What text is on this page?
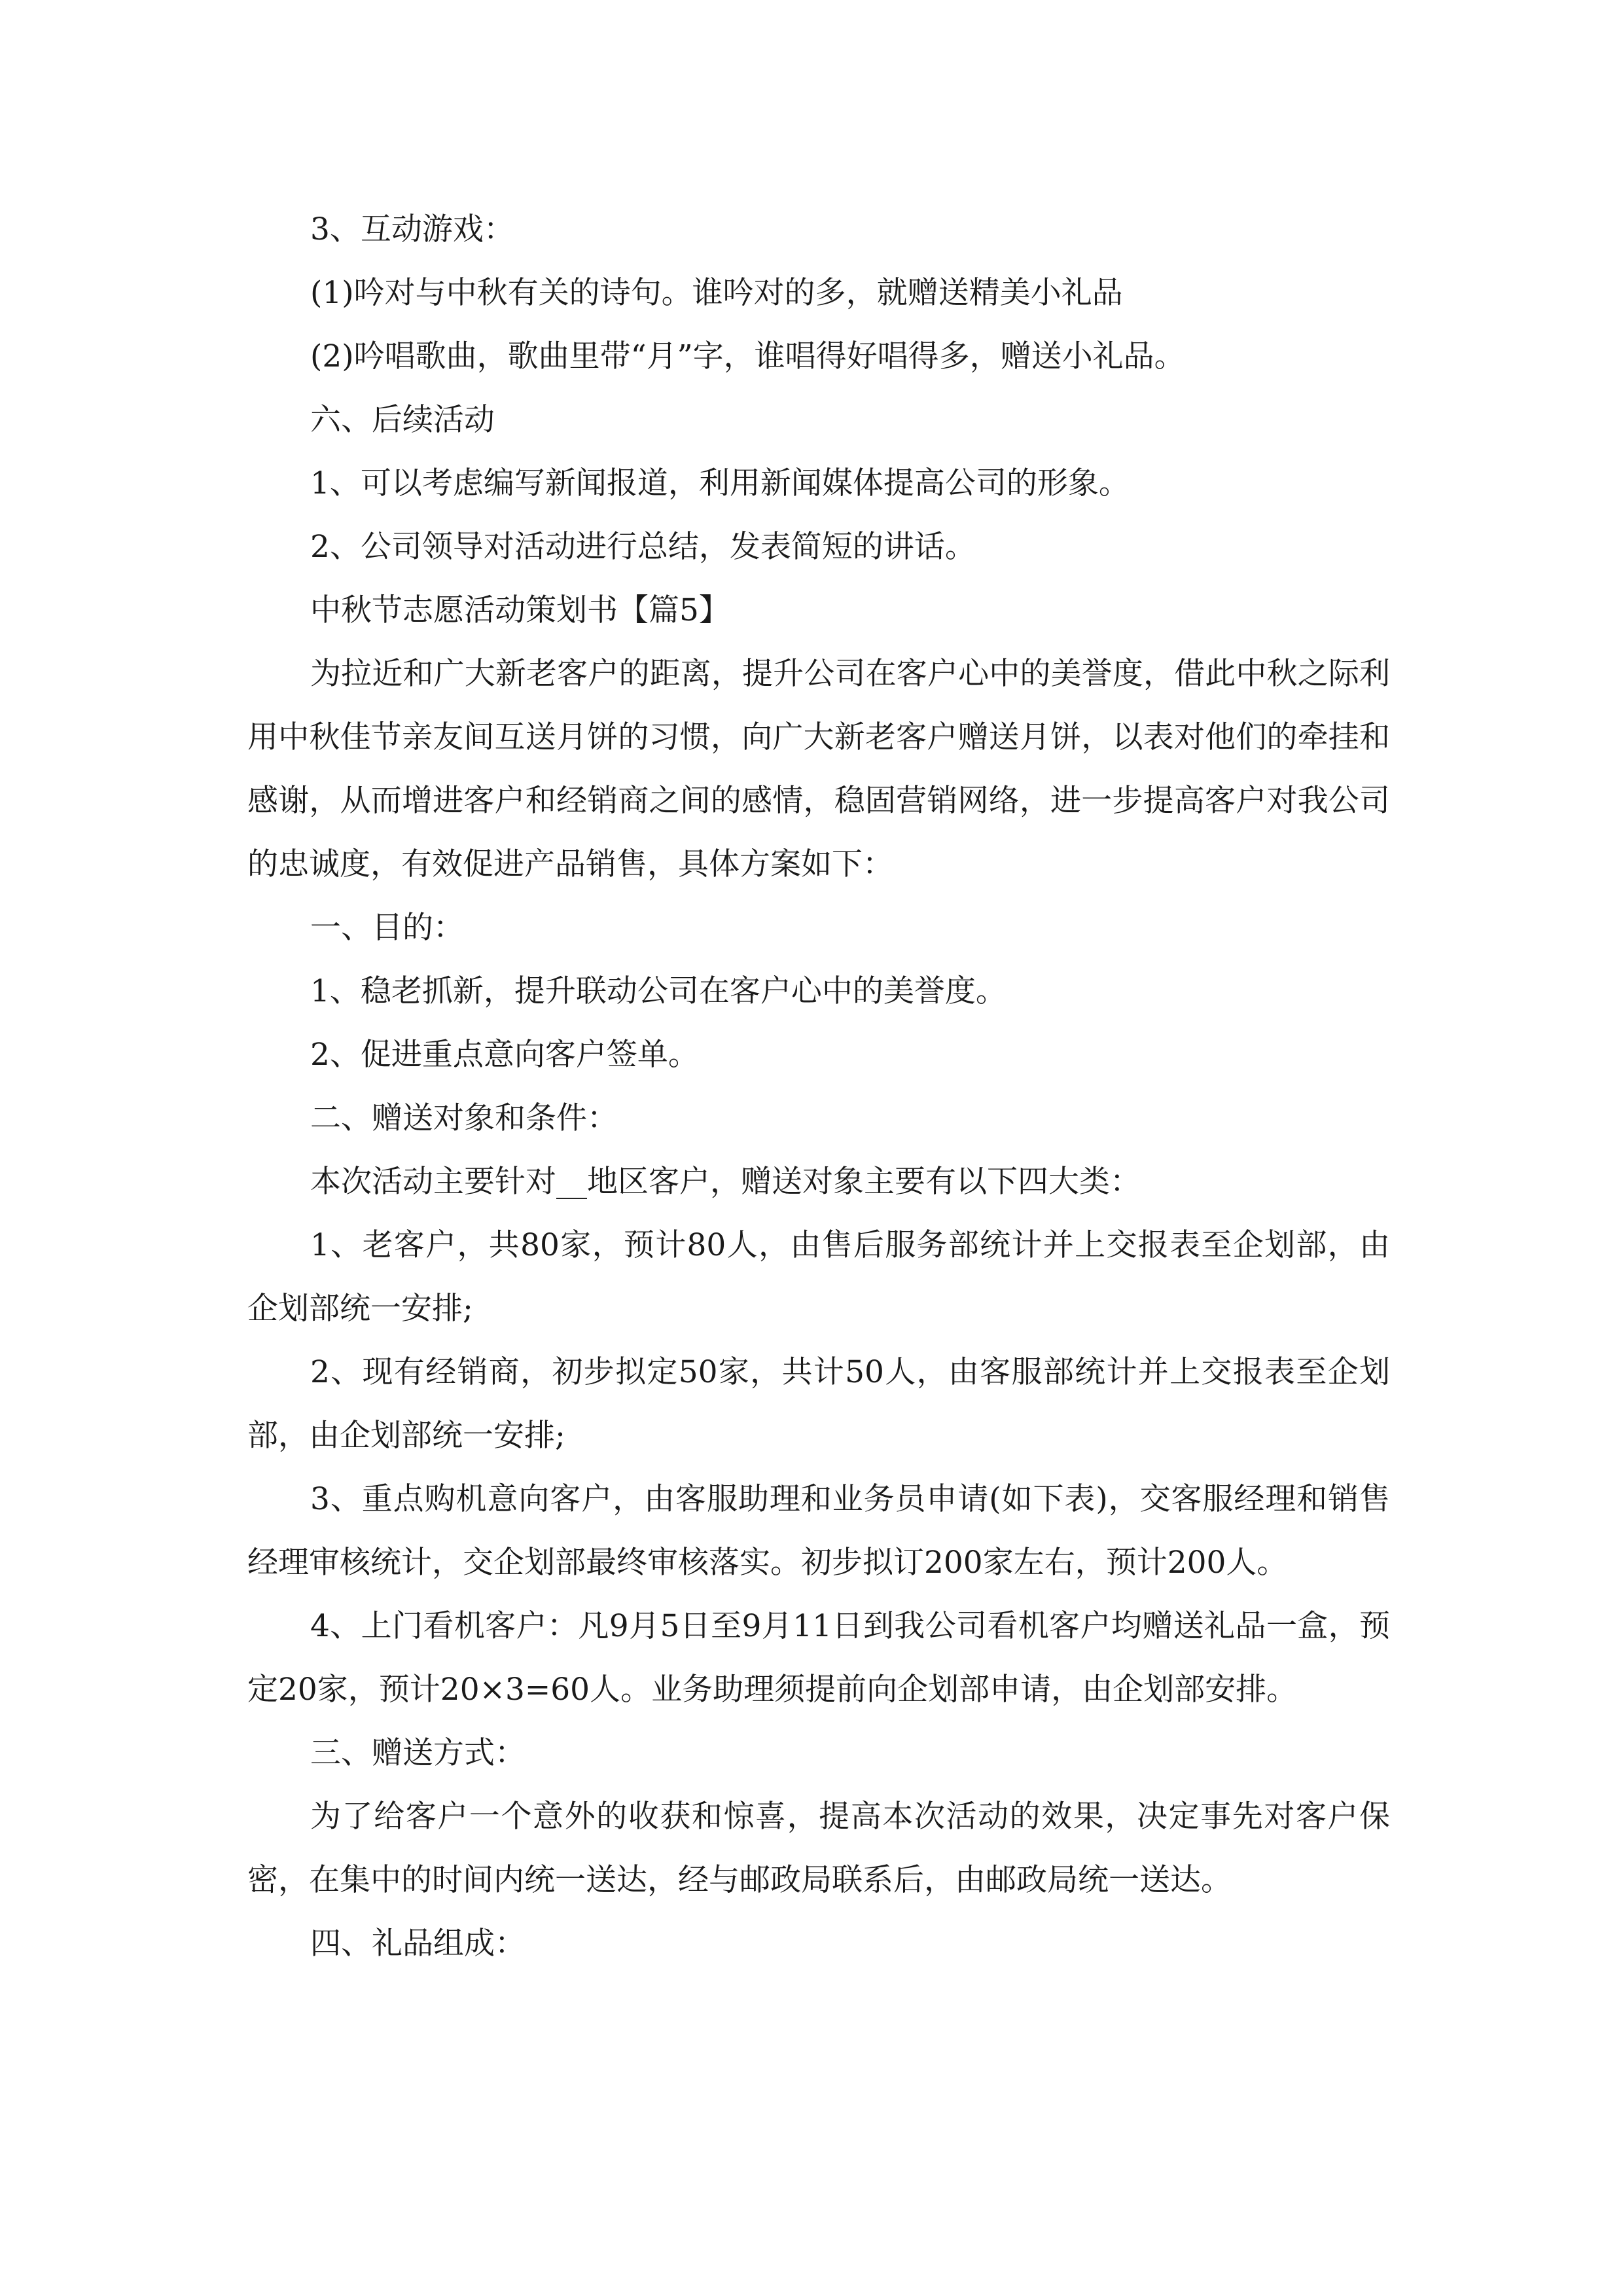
3、互动游戏：

(1)吟对与中秋有关的诗句。谁吟对的多，就赠送精美小礼品

(2)吟唱歌曲，歌曲里带“月”字，谁唱得好唱得多，赠送小礼品。

六、后续活动

1、可以考虑编写新闻报道，利用新闻媒体提高公司的形象。

2、公司领导对活动进行总结，发表简短的讲话。

中秋节志愿活动策划书【篇5】

为拉近和广大新老客户的距离，提升公司在客户心中的美誉度，借此中秋之际利用中秋佳节亲友间互送月饼的习惯，向广大新老客户赠送月饼，以表对他们的牵挂和感谢，从而增进客户和经销商之间的感情，稳固营销网络，进一步提高客户对我公司的忠诚度，有效促进产品销售，具体方案如下：

一、目的：

1、稳老抓新，提升联动公司在客户心中的美誉度。

2、促进重点意向客户签单。

二、赠送对象和条件：

本次活动主要针对__地区客户，赠送对象主要有以下四大类：

1、老客户，共80家，预计80人，由售后服务部统计并上交报表至企划部，由企划部统一安排;

2、现有经销商，初步拟定50家，共计50人，由客服部统计并上交报表至企划部，由企划部统一安排;

3、重点购机意向客户，由客服助理和业务员申请(如下表)，交客服经理和销售经理审核统计，交企划部最终审核落实。初步拟订200家左右，预计200人。

4、上门看机客户：凡9月5日至9月11日到我公司看机客户均赠送礼品一盒，预定20家，预计20×3=60人。业务助理须提前向企划部申请，由企划部安排。

三、赠送方式：

为了给客户一个意外的收获和惊喜，提高本次活动的效果，决定事先对客户保密，在集中的时间内统一送达，经与邮政局联系后，由邮政局统一送达。

四、礼品组成：
